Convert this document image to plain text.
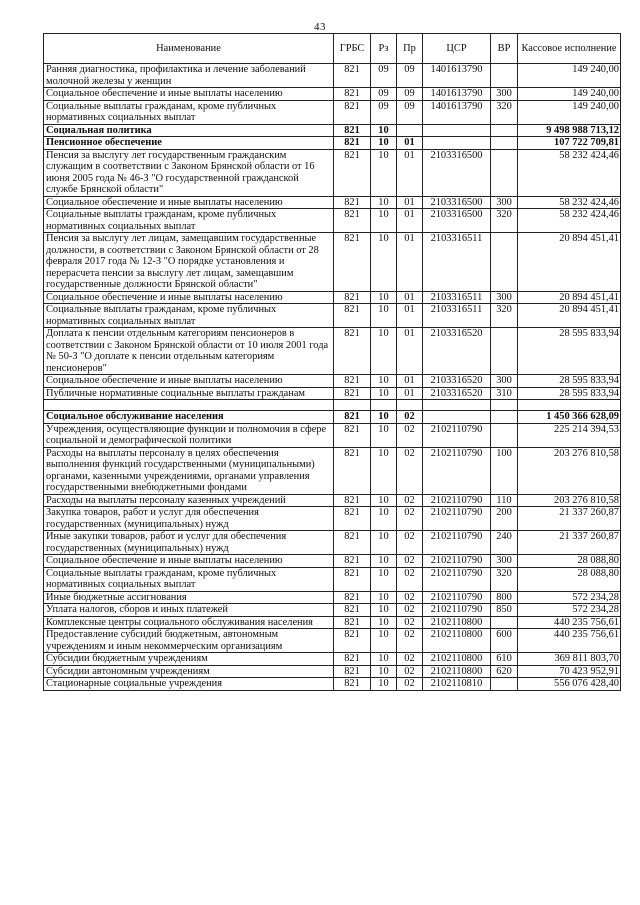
43
Наименование	ГРБС	Рз	Пр	ЦСР	ВР	Кассовое исполнение
Ранняя диагностика, профилактика и лечение заболеваний молочной железы у женщин	821	09	09	1401613790		149 240,00
Социальное обеспечение и иные выплаты населению	821	09	09	1401613790	300	149 240,00
Социальные выплаты гражданам, кроме публичных нормативных социальных выплат	821	09	09	1401613790	320	149 240,00
Социальная политика	821	10				9 498 988 713,12
Пенсионное обеспечение	821	10	01			107 722 709,81
Пенсия за выслугу лет государственным гражданским служащим в соответствии с Законом Брянской области от 16 июня 2005 года № 46-З "О государственной гражданской службе Брянской области"	821	10	01	2103316500		58 232 424,46
Социальное обеспечение и иные выплаты населению	821	10	01	2103316500	300	58 232 424,46
Социальные выплаты гражданам, кроме публичных нормативных социальных выплат	821	10	01	2103316500	320	58 232 424,46
Пенсия за выслугу лет лицам, замещавшим государственные должности, в соответствии с Законом Брянской области от 28 февраля 2017 года № 12-З "О порядке установления и перерасчета пенсии за выслугу лет лицам, замещавшим государственные должности Брянской области"	821	10	01	2103316511		20 894 451,41
Социальное обеспечение и иные выплаты населению	821	10	01	2103316511	300	20 894 451,41
Социальные выплаты гражданам, кроме публичных нормативных социальных выплат	821	10	01	2103316511	320	20 894 451,41
Доплата к пенсии отдельным категориям пенсионеров в соответствии с Законом Брянской области от 10 июля 2001 года № 50-З "О доплате к пенсии отдельным категориям пенсионеров"	821	10	01	2103316520		28 595 833,94
Социальное обеспечение и иные выплаты населению	821	10	01	2103316520	300	28 595 833,94
Публичные нормативные социальные выплаты гражданам	821	10	01	2103316520	310	28 595 833,94

Социальное обслуживание населения	821	10	02			1 450 366 628,09
Учреждения, осуществляющие функции и полномочия в сфере социальной и демографической политики	821	10	02	2102110790		225 214 394,53
Расходы на выплаты персоналу в целях обеспечения выполнения функций государственными (муниципальными) органами, казенными учреждениями, органами управления государственными внебюджетными фондами	821	10	02	2102110790	100	203 276 810,58
Расходы на выплаты персоналу казенных учреждений	821	10	02	2102110790	110	203 276 810,58
Закупка товаров, работ и услуг для обеспечения государственных (муниципальных) нужд	821	10	02	2102110790	200	21 337 260,87
Иные закупки товаров, работ и услуг для обеспечения государственных (муниципальных) нужд	821	10	02	2102110790	240	21 337 260,87
Социальное обеспечение и иные выплаты населению	821	10	02	2102110790	300	28 088,80
Социальные выплаты гражданам, кроме публичных нормативных социальных выплат	821	10	02	2102110790	320	28 088,80
Иные бюджетные ассигнования	821	10	02	2102110790	800	572 234,28
Уплата налогов, сборов и иных платежей	821	10	02	2102110790	850	572 234,28
Комплексные центры социального обслуживания населения	821	10	02	2102110800		440 235 756,61
Предоставление субсидий бюджетным, автономным учреждениям и иным некоммерческим организациям	821	10	02	2102110800	600	440 235 756,61
Субсидии бюджетным учреждениям	821	10	02	2102110800	610	369 811 803,70
Субсидии автономным учреждениям	821	10	02	2102110800	620	70 423 952,91
Стационарные социальные учреждения	821	10	02	2102110810		556 076 428,40
